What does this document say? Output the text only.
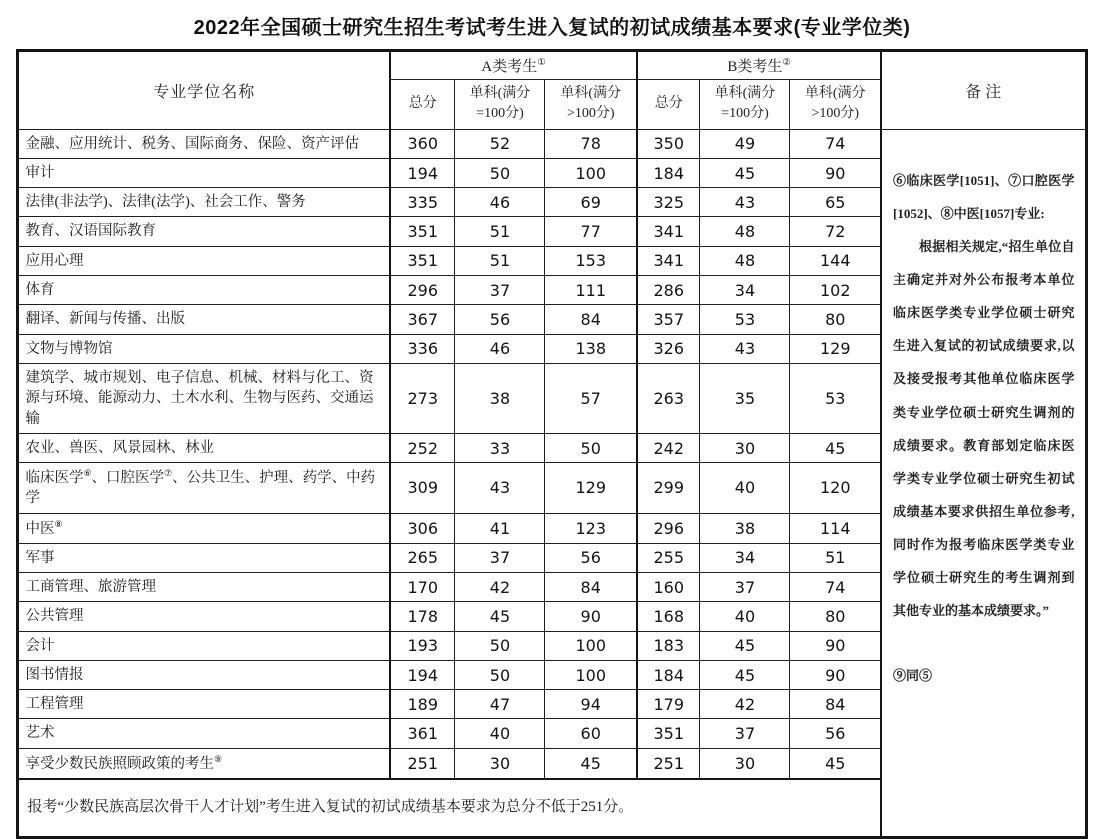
2022年全国硕士研究生招生考试考生进入复试的初试成绩基本要求(专业学位类)
专业学位名称	A类考生①			B类考生②			备 注
	总分	单科(满分=100分)	单科(满分>100分)	总分	单科(满分=100分)	单科(满分>100分)	
金融、应用统计、税务、国际商务、保险、资产评估	360	52	78	350	49	74	⑥临床医学[1051]、⑦口腔医学[1052]、⑧中医[1057]专业:
根据相关规定,“招生单位自主确定并对外公布报考本单位临床医学类专业学位硕士研究生进入复试的初试成绩要求,以及接受报考其他单位临床医学类专业学位硕士研究生调剂的成绩要求。教育部划定临床医学类专业学位硕士研究生初试成绩基本要求供招生单位参考,同时作为报考临床医学类专业学位硕士研究生的考生调剂到其他专业的基本成绩要求。”
⑨同⑤

审计	194	50	100	184	45	90	
法律(非法学)、法律(法学)、社会工作、警务	335	46	69	325	43	65	
教育、汉语国际教育	351	51	77	341	48	72	
应用心理	351	51	153	341	48	144	
体育	296	37	111	286	34	102	
翻译、新闻与传播、出版	367	56	84	357	53	80	
文物与博物馆	336	46	138	326	43	129	
建筑学、城市规划、电子信息、机械、材料与化工、资源与环境、能源动力、土木水利、生物与医药、交通运输	273	38	57	263	35	53	
农业、兽医、风景园林、林业	252	33	50	242	30	45	
临床医学⑥、口腔医学⑦、公共卫生、护理、药学、中药学	309	43	129	299	40	120	
中医⑧	306	41	123	296	38	114	
军事	265	37	56	255	34	51	
工商管理、旅游管理	170	42	84	160	37	74	
公共管理	178	45	90	168	40	80	
会计	193	50	100	183	45	90	
图书情报	194	50	100	184	45	90	
工程管理	189	47	94	179	42	84	
艺术	361	40	60	351	37	56	
享受少数民族照顾政策的考生⑨	251	30	45	251	30	45	
报考“少数民族高层次骨干人才计划”考生进入复试的初试成绩基本要求为总分不低于251分。							
